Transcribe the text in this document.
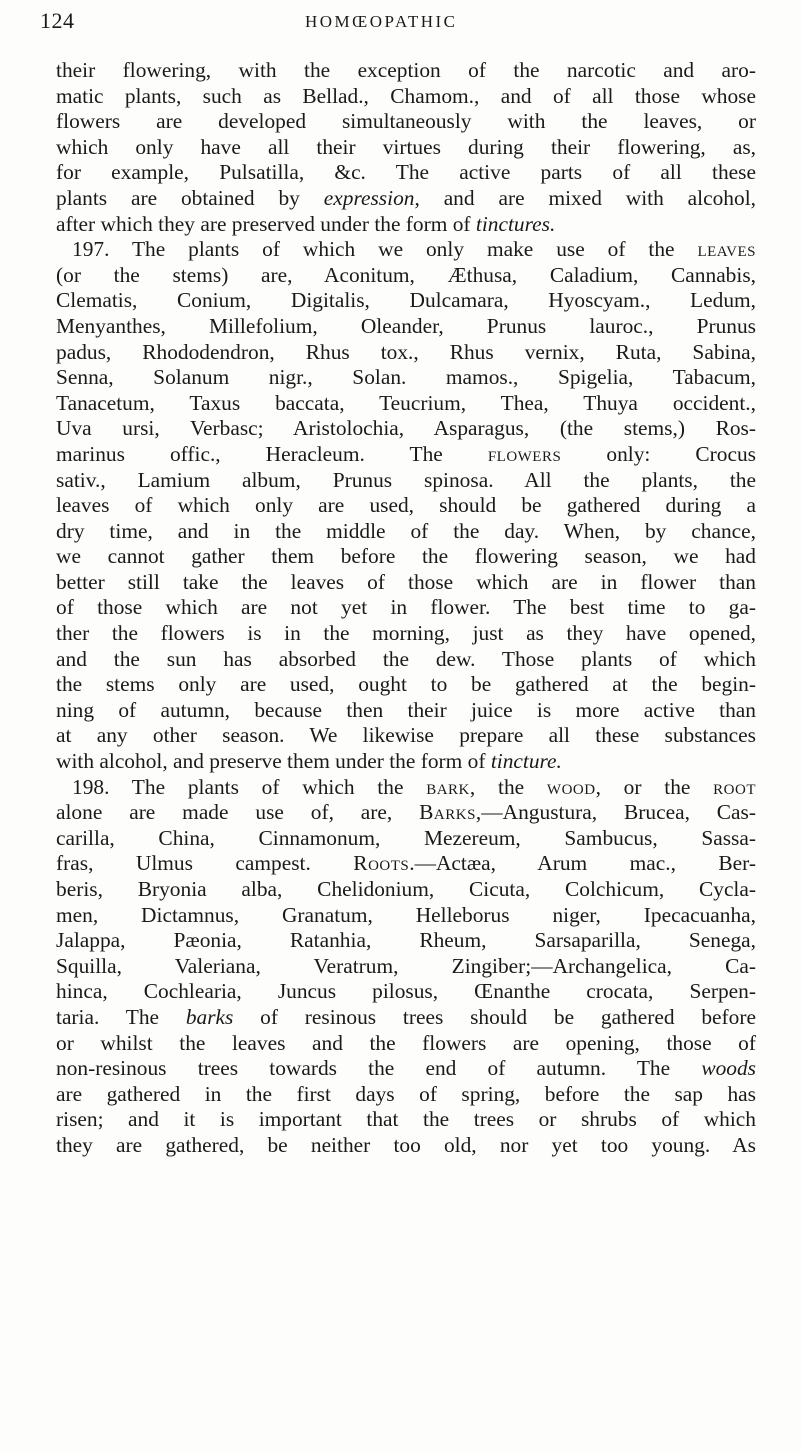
124	HOMŒOPATHIC
their flowering, with the exception of the narcotic and aro-
matic plants, such as Bellad., Chamom., and of all those whose
flowers are developed simultaneously with the leaves, or
which only have all their virtues during their flowering, as,
for example, Pulsatilla, &c. The active parts of all these
plants are obtained by expression, and are mixed with alcohol,
after which they are preserved under the form of tinctures.
197. The plants of which we only make use of the leaves
(or the stems) are, Aconitum, Æthusa, Caladium, Cannabis,
Clematis, Conium, Digitalis, Dulcamara, Hyoscyam., Ledum,
Menyanthes, Millefolium, Oleander, Prunus lauroc., Prunus
padus, Rhododendron, Rhus tox., Rhus vernix, Ruta, Sabina,
Senna, Solanum nigr., Solan. mamos., Spigelia, Tabacum,
Tanacetum, Taxus baccata, Teucrium, Thea, Thuya occident.,
Uva ursi, Verbasc; Aristolochia, Asparagus, (the stems,) Ros-
marinus offic., Heracleum. The flowers only: Crocus
sativ., Lamium album, Prunus spinosa. All the plants, the
leaves of which only are used, should be gathered during a
dry time, and in the middle of the day. When, by chance,
we cannot gather them before the flowering season, we had
better still take the leaves of those which are in flower than
of those which are not yet in flower. The best time to ga-
ther the flowers is in the morning, just as they have opened,
and the sun has absorbed the dew. Those plants of which
the stems only are used, ought to be gathered at the begin-
ning of autumn, because then their juice is more active than
at any other season. We likewise prepare all these substances
with alcohol, and preserve them under the form of tincture.
198. The plants of which the bark, the wood, or the root
alone are made use of, are, Barks,—Angustura, Brucea, Cas-
carilla, China, Cinnamonum, Mezereum, Sambucus, Sassa-
fras, Ulmus campest. Roots.—Actæa, Arum mac., Ber-
beris, Bryonia alba, Chelidonium, Cicuta, Colchicum, Cycla-
men, Dictamnus, Granatum, Helleborus niger, Ipecacuanha,
Jalappa, Pæonia, Ratanhia, Rheum, Sarsaparilla, Senega,
Squilla, Valeriana, Veratrum, Zingiber;—Archangelica, Ca-
hinca, Cochlearia, Juncus pilosus, Œnanthe crocata, Serpen-
taria. The barks of resinous trees should be gathered before
or whilst the leaves and the flowers are opening, those of
non-resinous trees towards the end of autumn. The woods
are gathered in the first days of spring, before the sap has
risen; and it is important that the trees or shrubs of which
they are gathered, be neither too old, nor yet too young. As
